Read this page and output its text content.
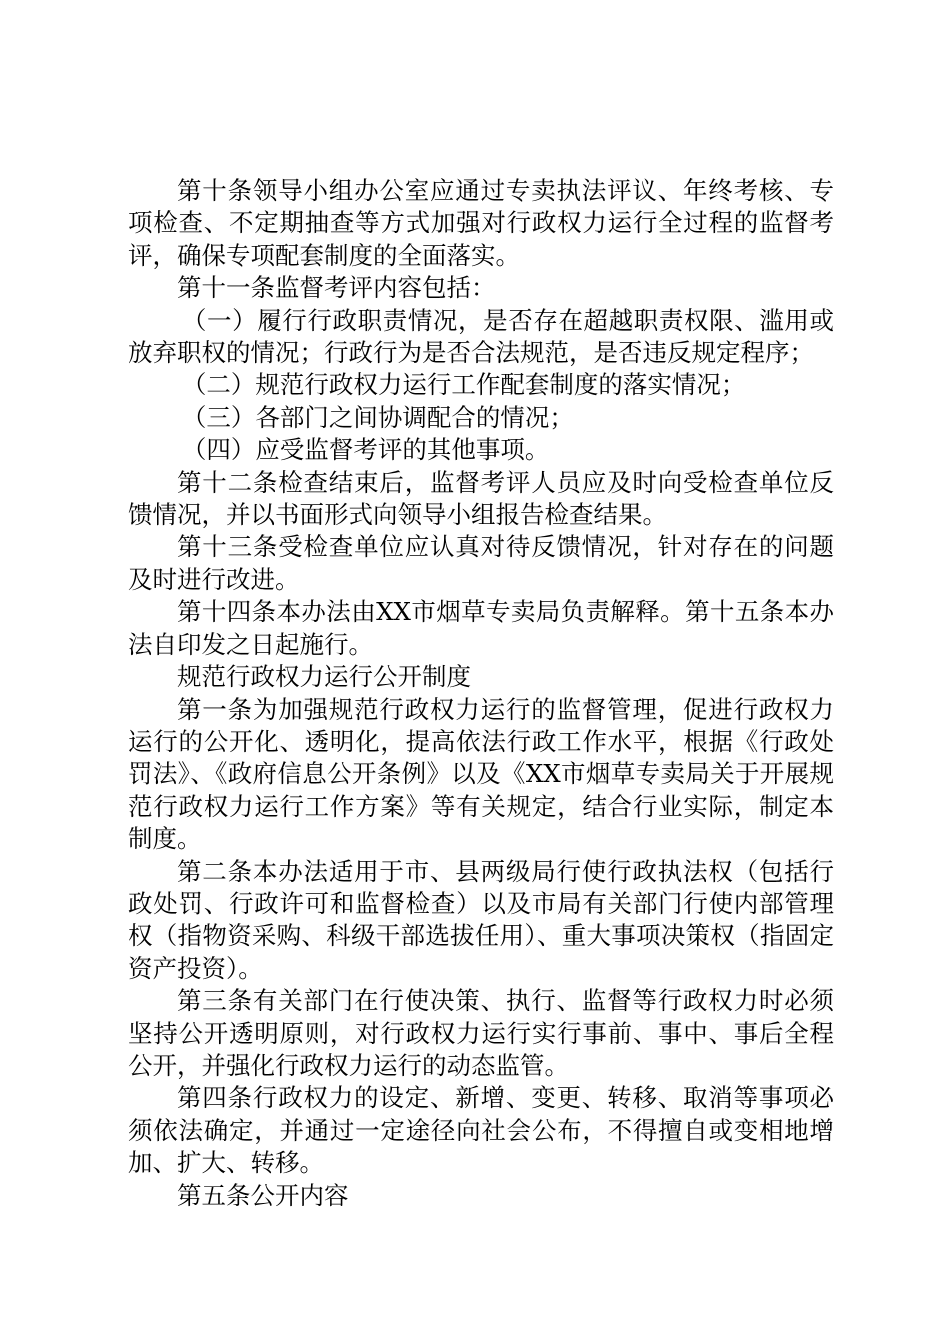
第十条领导小组办公室应通过专卖执法评议、年终考核、专项检查、不定期抽查等方式加强对行政权力运行全过程的监督考评，确保专项配套制度的全面落实。

第十一条监督考评内容包括：

（一）履行行政职责情况，是否存在超越职责权限、滥用或放弃职权的情况；行政行为是否合法规范，是否违反规定程序；

（二）规范行政权力运行工作配套制度的落实情况；

（三）各部门之间协调配合的情况；

（四）应受监督考评的其他事项。

第十二条检查结束后，监督考评人员应及时向受检查单位反馈情况，并以书面形式向领导小组报告检查结果。

第十三条受检查单位应认真对待反馈情况，针对存在的问题及时进行改进。

第十四条本办法由XX市烟草专卖局负责解释。第十五条本办法自印发之日起施行。

规范行政权力运行公开制度

第一条为加强规范行政权力运行的监督管理，促进行政权力运行的公开化、透明化，提高依法行政工作水平，根据《行政处罚法》、《政府信息公开条例》以及《XX市烟草专卖局关于开展规范行政权力运行工作方案》等有关规定，结合行业实际，制定本制度。

第二条本办法适用于市、县两级局行使行政执法权（包括行政处罚、行政许可和监督检查）以及市局有关部门行使内部管理权（指物资采购、科级干部选拔任用）、重大事项决策权（指固定资产投资）。

第三条有关部门在行使决策、执行、监督等行政权力时必须坚持公开透明原则，对行政权力运行实行事前、事中、事后全程公开，并强化行政权力运行的动态监管。

第四条行政权力的设定、新增、变更、转移、取消等事项必须依法确定，并通过一定途径向社会公布，不得擅自或变相地增加、扩大、转移。

第五条公开内容
